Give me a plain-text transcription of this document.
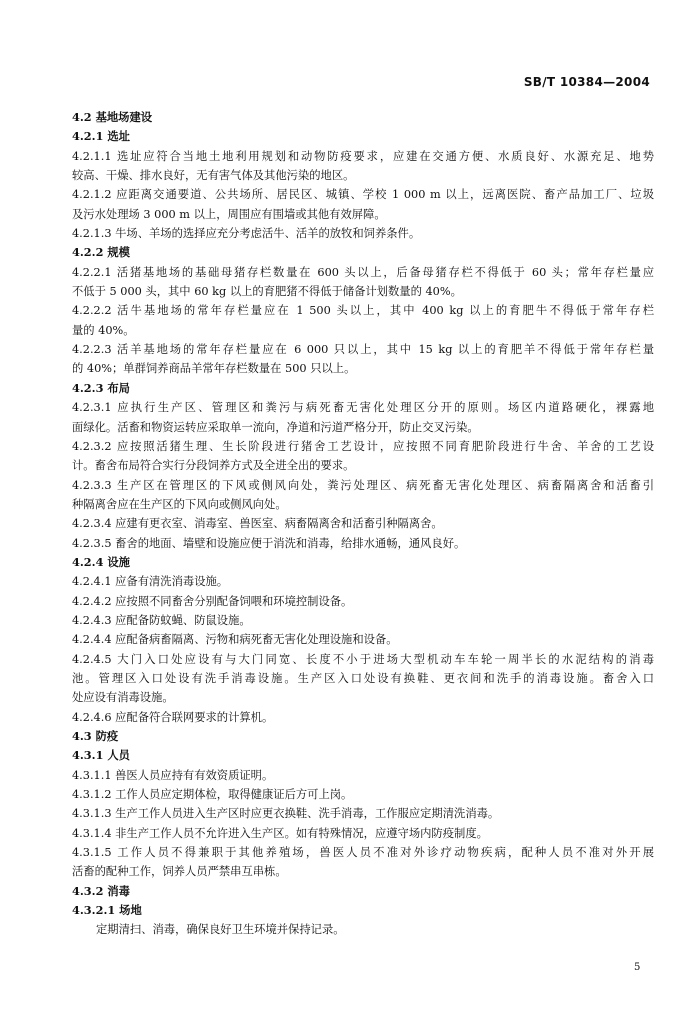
SB/T 10384—2004
4.2 基地场建设
4.2.1 选址
4.2.1.1 选址应符合当地土地利用规划和动物防疫要求，应建在交通方便、水质良好、水源充足、地势
较高、干燥、排水良好，无有害气体及其他污染的地区。
4.2.1.2 应距离交通要道、公共场所、居民区、城镇、学校 1 000 m 以上，远离医院、畜产品加工厂、垃圾
及污水处理场 3 000 m 以上，周围应有围墙或其他有效屏障。
4.2.1.3 牛场、羊场的选择应充分考虑活牛、活羊的放牧和饲养条件。
4.2.2 规模
4.2.2.1 活猪基地场的基础母猪存栏数量在 600 头以上，后备母猪存栏不得低于 60 头；常年存栏量应
不低于 5 000 头，其中 60 kg 以上的育肥猪不得低于储备计划数量的 40%。
4.2.2.2 活牛基地场的常年存栏量应在 1 500 头以上，其中 400 kg 以上的育肥牛不得低于常年存栏
量的 40%。
4.2.2.3 活羊基地场的常年存栏量应在 6 000 只以上，其中 15 kg 以上的育肥羊不得低于常年存栏量
的 40%；单群饲养商品羊常年存栏数量在 500 只以上。
4.2.3 布局
4.2.3.1 应执行生产区、管理区和粪污与病死畜无害化处理区分开的原则。场区内道路硬化，裸露地
面绿化。活畜和物资运转应采取单一流向，净道和污道严格分开，防止交叉污染。
4.2.3.2 应按照活猪生理、生长阶段进行猪舍工艺设计，应按照不同育肥阶段进行牛舍、羊舍的工艺设
计。畜舍布局符合实行分段饲养方式及全进全出的要求。
4.2.3.3 生产区在管理区的下风或侧风向处，粪污处理区、病死畜无害化处理区、病畜隔离舍和活畜引
种隔离舍应在生产区的下风向或侧风向处。
4.2.3.4 应建有更衣室、消毒室、兽医室、病畜隔离舍和活畜引种隔离舍。
4.2.3.5 畜舍的地面、墙壁和设施应便于消洗和消毒，给排水通畅，通风良好。
4.2.4 设施
4.2.4.1 应备有清洗消毒设施。
4.2.4.2 应按照不同畜舍分别配备饲喂和环境控制设备。
4.2.4.3 应配备防蚊蝇、防鼠设施。
4.2.4.4 应配备病畜隔离、污物和病死畜无害化处理设施和设备。
4.2.4.5 大门入口处应设有与大门同宽、长度不小于进场大型机动车车轮一周半长的水泥结构的消毒
池。管理区入口处设有洗手消毒设施。生产区入口处设有换鞋、更衣间和洗手的消毒设施。畜舍入口
处应设有消毒设施。
4.2.4.6 应配备符合联网要求的计算机。
4.3 防疫
4.3.1 人员
4.3.1.1 兽医人员应持有有效资质证明。
4.3.1.2 工作人员应定期体检，取得健康证后方可上岗。
4.3.1.3 生产工作人员进入生产区时应更衣换鞋、洗手消毒，工作服应定期清洗消毒。
4.3.1.4 非生产工作人员不允许进入生产区。如有特殊情况，应遵守场内防疫制度。
4.3.1.5 工作人员不得兼职于其他养殖场，兽医人员不准对外诊疗动物疾病，配种人员不准对外开展
活畜的配种工作，饲养人员严禁串互串栋。
4.3.2 消毒
4.3.2.1 场地
定期清扫、消毒，确保良好卫生环境并保持记录。
5
